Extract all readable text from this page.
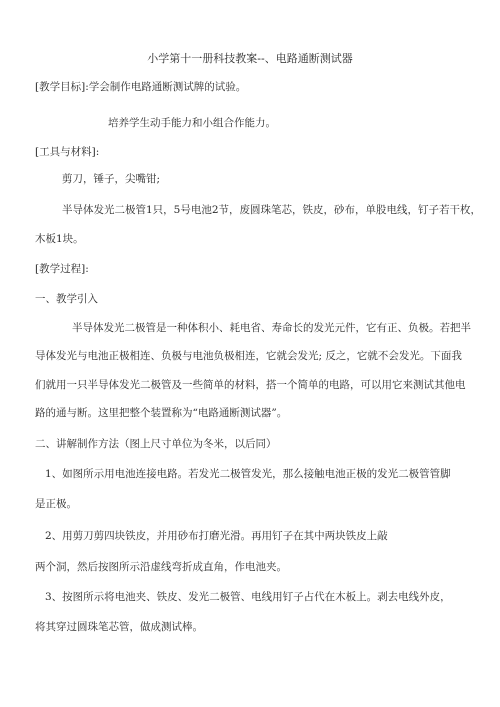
小学第十一册科技教案--、电路通断测试器
[教学目标]:学会制作电路通断测试牌的试验。
培养学生动手能力和小组合作能力。
[工具与材料]:
剪刀，锤子，尖嘴钳;
半导体发光二极管1只，5号电池2节，废圆珠笔芯，铁皮，砂布，单股电线，钉子若干枚，
木板1块。
[教学过程]:
一、教学引入
半导体发光二极管是一种体积小、耗电省、寿命长的发光元件，它有正、负极。若把半
导体发光与电池正极相连、负极与电池负极相连，它就会发光; 反之，它就不会发光。下面我
们就用一只半导体发光二极管及一些简单的材料，搭一个简单的电路，可以用它来测试其他电
路的通与断。这里把整个装置称为“电路通断测试器”。
二、讲解制作方法（图上尺寸单位为冬米，以后同）
1、如图所示用电池连接电路。若发光二极管发光，那么接触电池正极的发光二极管管脚
是正极。
2、用剪刀剪四块铁皮，并用砂布打磨光滑。再用钉子在其中两块铁皮上敲
两个洞，然后按图所示沿虚线弯折成直角，作电池夹。
3、按图所示将电池夹、铁皮、发光二极管、电线用钉子占代在木板上。剥去电线外皮，
将其穿过圆珠笔芯管，做成测试棒。
